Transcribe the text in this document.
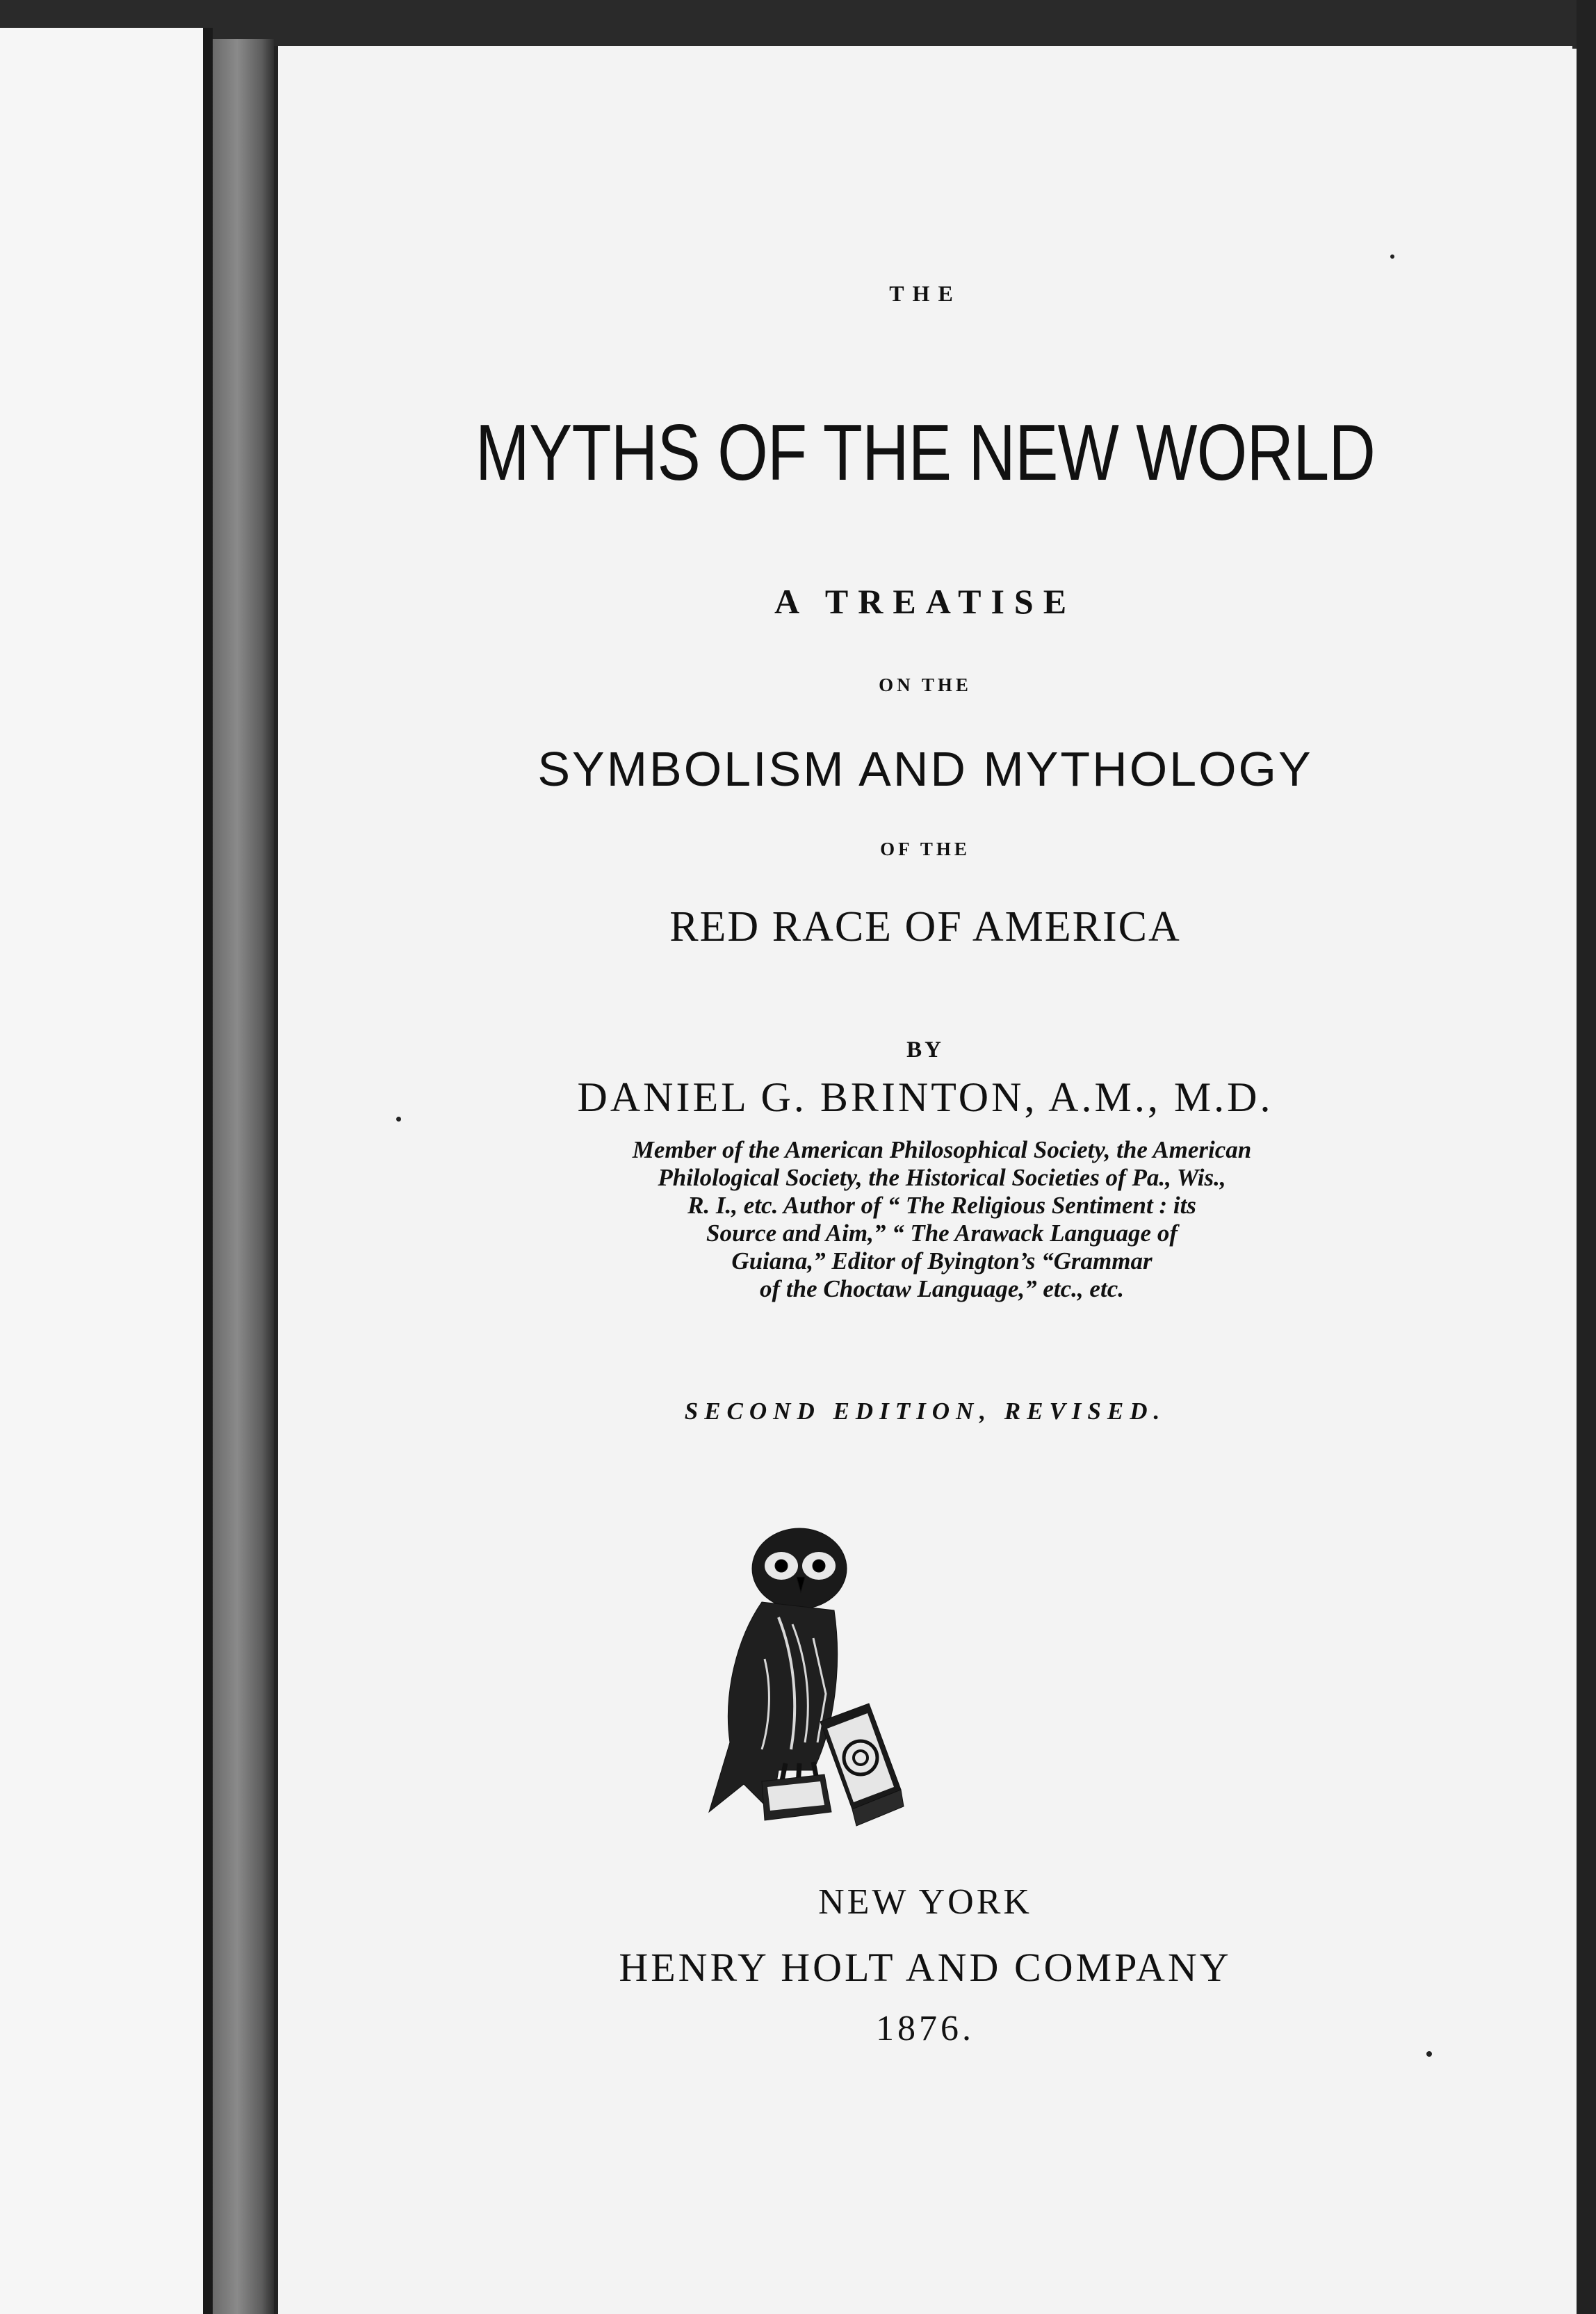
THE
MYTHS OF THE NEW WORLD
A TREATISE
ON THE
SYMBOLISM AND MYTHOLOGY
OF THE
RED RACE OF AMERICA
BY
DANIEL G. BRINTON, A.M., M.D.
Member of the American Philosophical Society, the American
Philological Society, the Historical Societies of Pa., Wis.,
R. I., etc. Author of “ The Religious Sentiment : its
Source and Aim,” “ The Arawack Language of
Guiana,” Editor of Byington’s “Grammar
of the Choctaw Language,” etc., etc.
SECOND EDITION, REVISED.
NEW YORK
HENRY HOLT AND COMPANY
1876.
